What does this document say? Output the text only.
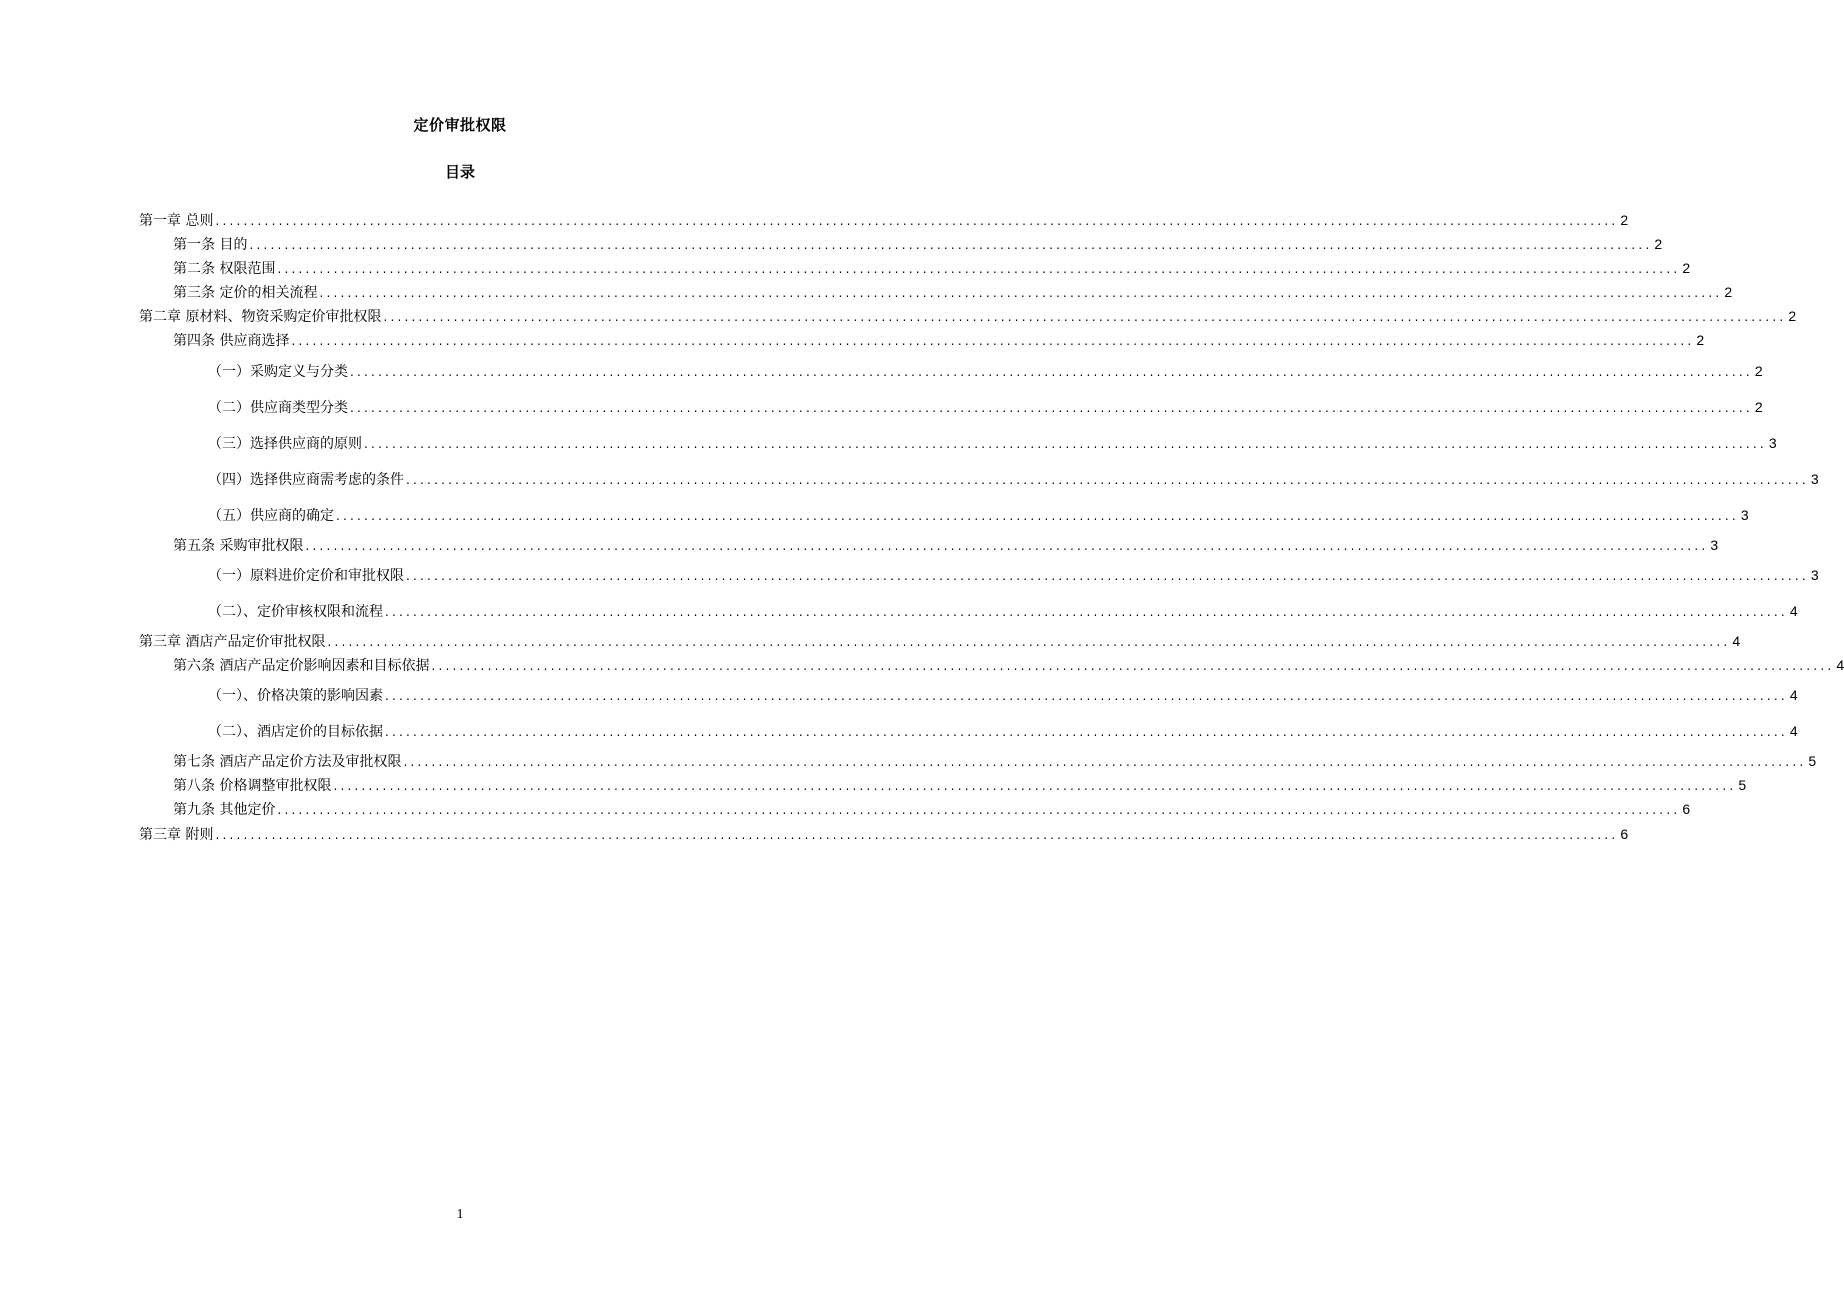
定价审批权限
目录
第一章 总则 ........................................................................................................................................................................................................ 2
第一条 目的 ........................................................................................................................................................................................................ 2
第二条 权限范围 ........................................................................................................................................................................................................ 2
第三条 定价的相关流程 ........................................................................................................................................................................................................ 2
第二章 原材料、物资采购定价审批权限 ........................................................................................................................................................................................................ 2
第四条 供应商选择 ........................................................................................................................................................................................................ 2
（一）采购定义与分类 ........................................................................................................................................................................................................ 2
（二）供应商类型分类 ........................................................................................................................................................................................................ 2
（三）选择供应商的原则 ........................................................................................................................................................................................................ 3
（四）选择供应商需考虑的条件 ........................................................................................................................................................................................................ 3
（五）供应商的确定 ........................................................................................................................................................................................................ 3
第五条 采购审批权限 ........................................................................................................................................................................................................ 3
（一）原料进价定价和审批权限 ........................................................................................................................................................................................................ 3
（二）、定价审核权限和流程 ........................................................................................................................................................................................................ 4
第三章 酒店产品定价审批权限 ........................................................................................................................................................................................................ 4
第六条 酒店产品定价影响因素和目标依据 ........................................................................................................................................................................................................ 4
（一）、价格决策的影响因素 ........................................................................................................................................................................................................ 4
（二）、酒店定价的目标依据 ........................................................................................................................................................................................................ 4
第七条 酒店产品定价方法及审批权限 ........................................................................................................................................................................................................ 5
第八条 价格调整审批权限 ........................................................................................................................................................................................................ 5
第九条 其他定价 ........................................................................................................................................................................................................ 6
第三章 附则 ........................................................................................................................................................................................................ 6
1
